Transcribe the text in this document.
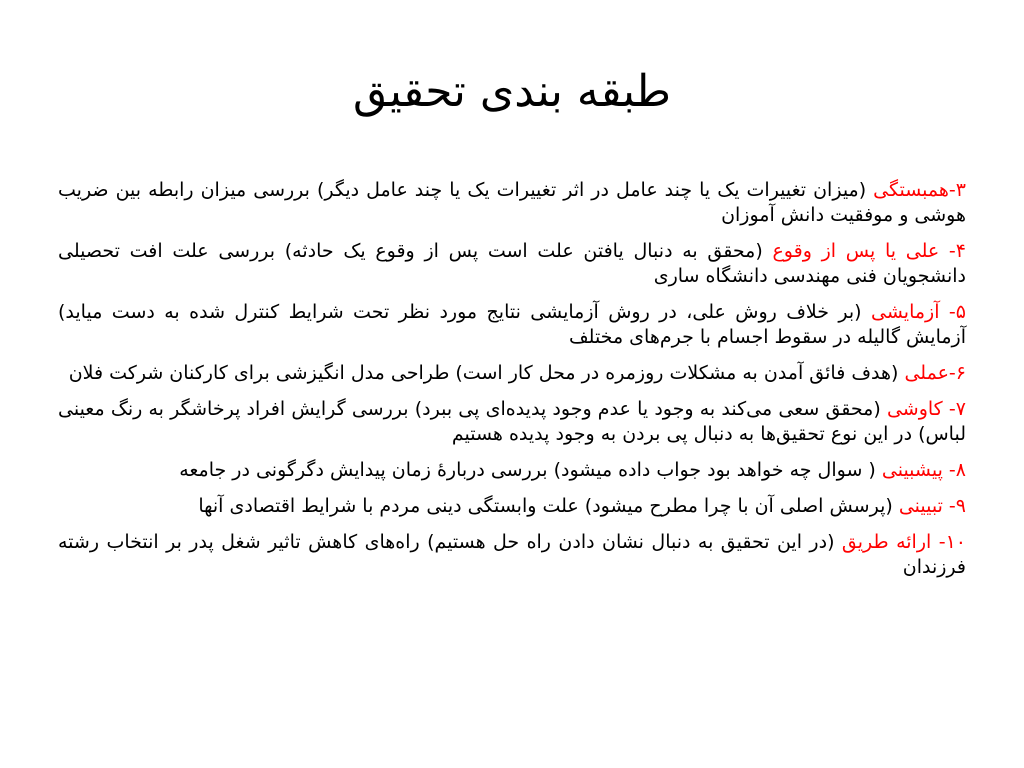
طبقه بندی تحقیق
۳-همبستگی (میزان تغییرات یک یا چند عامل در اثر تغییرات یک یا چند عامل دیگر) بررسی میزان رابطه بین ضریب هوشی و موفقیت دانش آموزان
۴- علی یا پس از وقوع (محقق به دنبال یافتن علت است پس از وقوع یک حادثه) بررسی علت افت تحصیلی دانشجویان فنی مهندسی دانشگاه ساری
۵- آزمایشی (بر خلاف روش علی، در روش آزمایشی نتایج مورد نظر تحت شرایط کنترل شده به دست میاید) آزمایش گالیله در سقوط اجسام با جرم‌های مختلف
۶-عملی (هدف فائق آمدن به مشکلات روزمره در محل کار است) طراحی مدل انگیزشی برای کارکنان شرکت فلان
۷- کاوشی (محقق سعی می‌کند به وجود یا عدم وجود پدیده‌ای پی ببرد) بررسی گرایش افراد پرخاشگر به رنگ معینی لباس) در این نوع تحقیق‌ها به دنبال پی بردن به وجود پدیده هستیم
۸- پیشبینی ( سوال چه خواهد بود جواب داده میشود) بررسی دربارۀ زمان پیدایش دگرگونی در جامعه
۹- تبیینی (پرسش اصلی آن با چرا مطرح میشود) علت وابستگی دینی مردم با شرایط اقتصادی آنها
۱۰- ارائه طریق (در این تحقیق به دنبال نشان دادن راه حل هستیم) راه‌های کاهش تاثیر شغل پدر بر انتخاب رشته فرزندان
